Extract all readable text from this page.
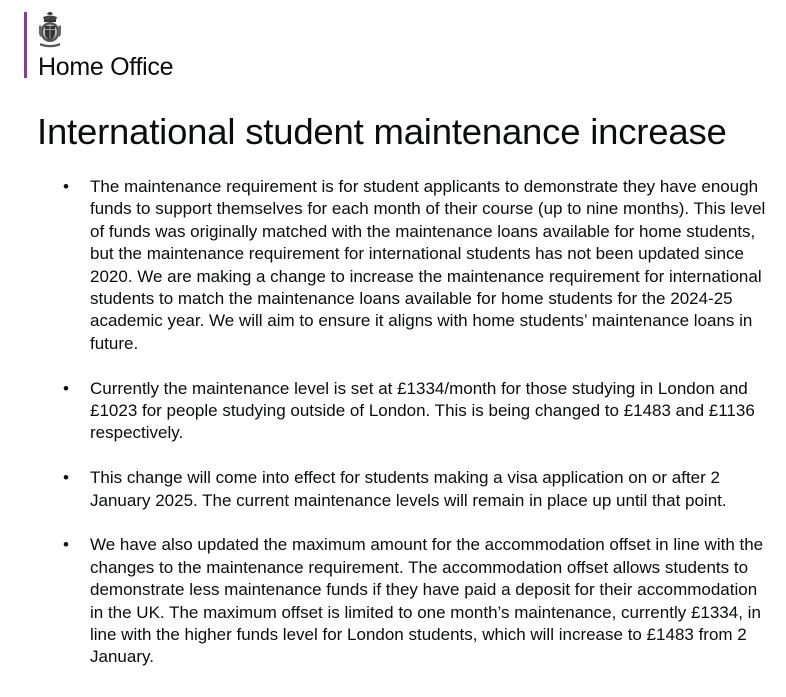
Home Office
International student maintenance increase
• The maintenance requirement is for student applicants to demonstrate they have enough funds to support themselves for each month of their course (up to nine months). This level of funds was originally matched with the maintenance loans available for home students, but the maintenance requirement for international students has not been updated since 2020. We are making a change to increase the maintenance requirement for international students to match the maintenance loans available for home students for the 2024-25 academic year. We will aim to ensure it aligns with home students’ maintenance loans in future.
• Currently the maintenance level is set at £1334/month for those studying in London and £1023 for people studying outside of London. This is being changed to £1483 and £1136 respectively.
• This change will come into effect for students making a visa application on or after 2 January 2025. The current maintenance levels will remain in place up until that point.
• We have also updated the maximum amount for the accommodation offset in line with the changes to the maintenance requirement. The accommodation offset allows students to demonstrate less maintenance funds if they have paid a deposit for their accommodation in the UK. The maximum offset is limited to one month’s maintenance, currently £1334, in line with the higher funds level for London students, which will increase to £1483 from 2 January.
